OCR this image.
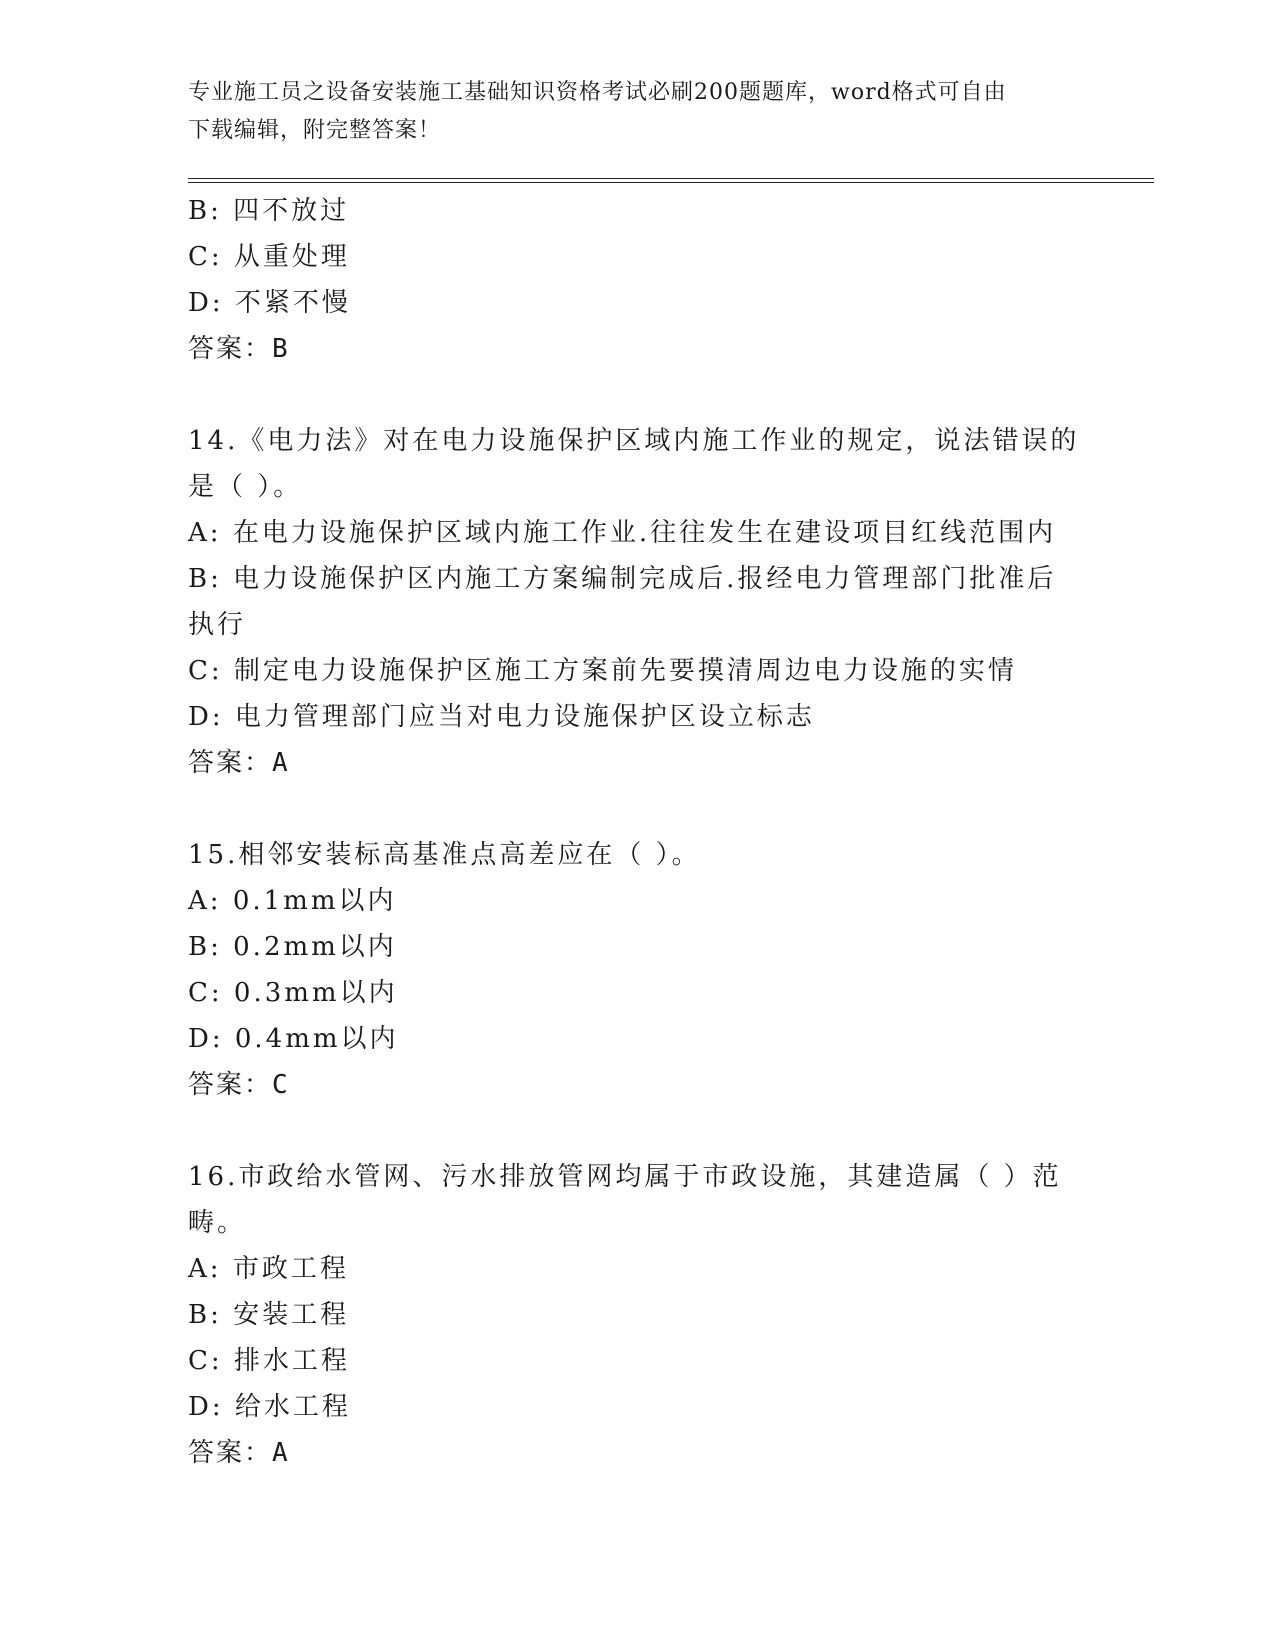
专业施工员之设备安装施工基础知识资格考试必刷200题题库，word格式可自由
下载编辑，附完整答案！
B: 四不放过
C: 从重处理
D: 不紧不慢
答案：B
14.《电力法》对在电力设施保护区域内施工作业的规定，说法错误的
是（ ）。
A: 在电力设施保护区域内施工作业.往往发生在建设项目红线范围内
B: 电力设施保护区内施工方案编制完成后.报经电力管理部门批准后
执行
C: 制定电力设施保护区施工方案前先要摸清周边电力设施的实情
D: 电力管理部门应当对电力设施保护区设立标志
答案：A
15.相邻安装标高基准点高差应在（ ）。
A: 0.1mm以内
B: 0.2mm以内
C: 0.3mm以内
D: 0.4mm以内
答案：C
16.市政给水管网、污水排放管网均属于市政设施，其建造属（ ）范
畴。
A: 市政工程
B: 安装工程
C: 排水工程
D: 给水工程
答案：A
